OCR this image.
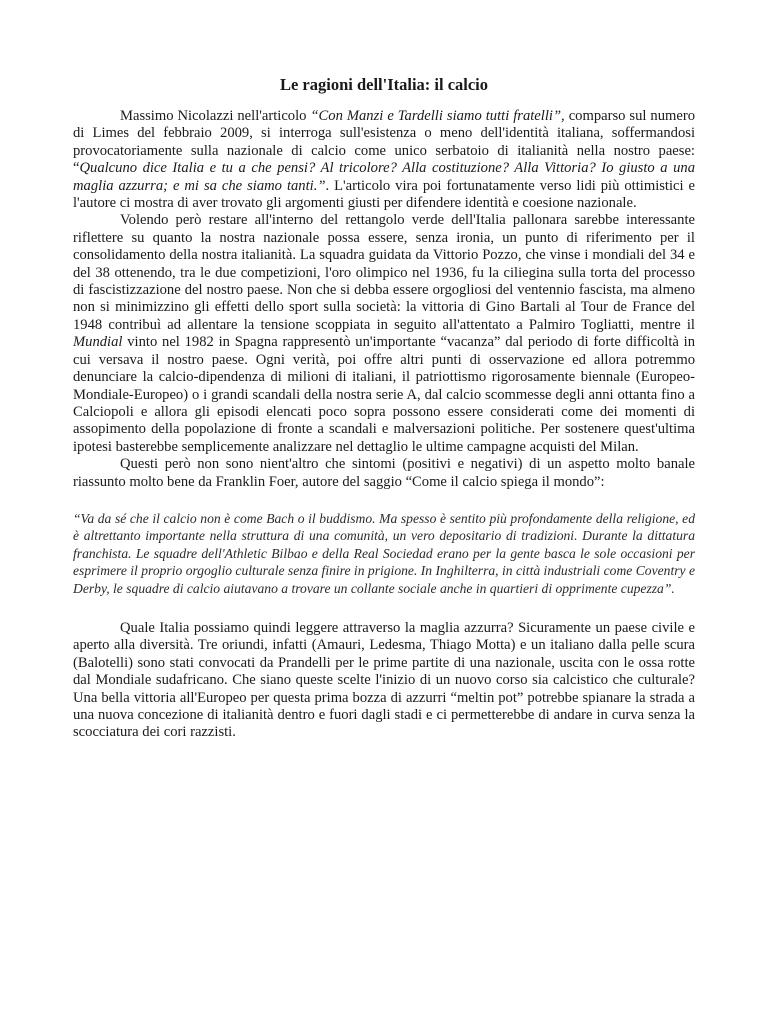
Le ragioni dell'Italia: il calcio

Massimo Nicolazzi nell'articolo “Con Manzi e Tardelli siamo tutti fratelli”, comparso sul numero di Limes del febbraio 2009, si interroga sull'esistenza o meno dell'identità italiana, soffermandosi provocatoriamente sulla nazionale di calcio come unico serbatoio di italianità nella nostro paese: “Qualcuno dice Italia e tu a che pensi? Al tricolore? Alla costituzione? Alla Vittoria? Io giusto a una maglia azzurra; e mi sa che siamo tanti.”. L'articolo vira poi fortunatamente verso lidi più ottimistici e l'autore ci mostra di aver trovato gli argomenti giusti per difendere identità e coesione nazionale.

Volendo però restare all'interno del rettangolo verde dell'Italia pallonara sarebbe interessante riflettere su quanto la nostra nazionale possa essere, senza ironia, un punto di riferimento per il consolidamento della nostra italianità. La squadra guidata da Vittorio Pozzo, che vinse i mondiali del 34 e del 38 ottenendo, tra le due competizioni, l'oro olimpico nel 1936, fu la ciliegina sulla torta del processo di fascistizzazione del nostro paese. Non che si debba essere orgogliosi del ventennio fascista, ma almeno non si minimizzino gli effetti dello sport sulla società: la vittoria di Gino Bartali al Tour de France del 1948 contribuì ad allentare la tensione scoppiata in seguito all'attentato a Palmiro Togliatti, mentre il Mundial vinto nel 1982 in Spagna rappresentò un'importante “vacanza” dal periodo di forte difficoltà in cui versava il nostro paese. Ogni verità, poi offre altri punti di osservazione ed allora potremmo denunciare la calcio-dipendenza di milioni di italiani, il patriottismo rigorosamente biennale (Europeo-Mondiale-Europeo) o i grandi scandali della nostra serie A, dal calcio scommesse degli anni ottanta fino a Calciopoli e allora gli episodi elencati poco sopra possono essere considerati come dei momenti di assopimento della popolazione di fronte a scandali e malversazioni politiche. Per sostenere quest'ultima ipotesi basterebbe semplicemente analizzare nel dettaglio le ultime campagne acquisti del Milan.

Questi però non sono nient'altro che sintomi (positivi e negativi) di un aspetto molto banale riassunto molto bene da Franklin Foer, autore del saggio “Come il calcio spiega il mondo”:

“Va da sé che il calcio non è come Bach o il buddismo. Ma spesso è sentito più profondamente della religione, ed è altrettanto importante nella struttura di una comunità, un vero depositario di tradizioni. Durante la dittatura franchista. Le squadre dell'Athletic Bilbao e della Real Sociedad erano per la gente basca le sole occasioni per esprimere il proprio orgoglio culturale senza finire in prigione. In Inghilterra, in città industriali come Coventry e Derby, le squadre di calcio aiutavano a trovare un collante sociale anche in quartieri di opprimente cupezza”.

Quale Italia possiamo quindi leggere attraverso la maglia azzurra? Sicuramente un paese civile e aperto alla diversità. Tre oriundi, infatti (Amauri, Ledesma, Thiago Motta) e un italiano dalla pelle scura (Balotelli) sono stati convocati da Prandelli per le prime partite di una nazionale, uscita con le ossa rotte dal Mondiale sudafricano. Che siano queste scelte l'inizio di un nuovo corso sia calcistico che culturale? Una bella vittoria all'Europeo per questa prima bozza di azzurri “meltin pot” potrebbe spianare la strada a una nuova concezione di italianità dentro e fuori dagli stadi e ci permetterebbe di andare in curva senza la scocciatura dei cori razzisti.
